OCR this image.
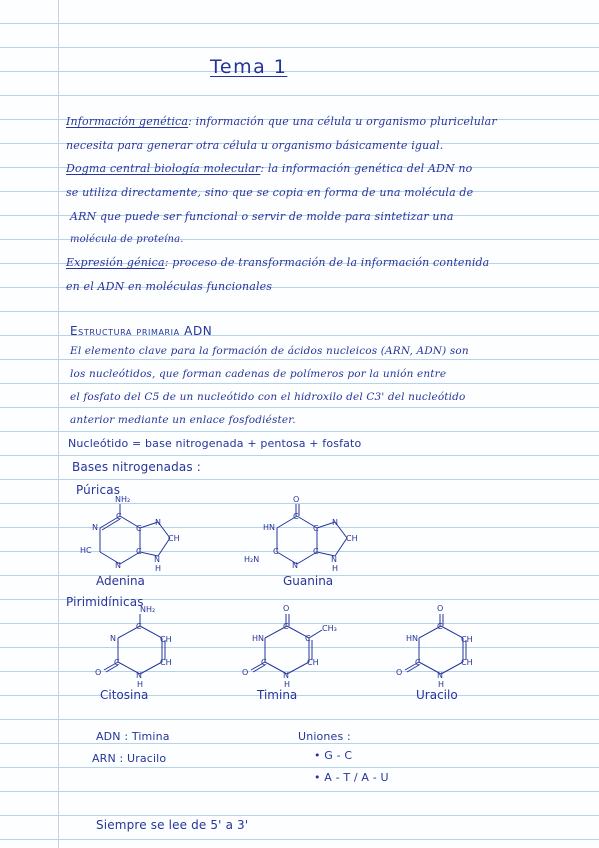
Tema 1
Información genética: información que una célula u organismo pluricelular
necesita para generar otra célula u organismo básicamente igual.
Dogma central biología molecular: la información genética del ADN no
se utiliza directamente, sino que se copia en forma de una molécula de
ARN que puede ser funcional o servir de molde para sintetizar una
molécula de proteína.
Expresión génica: proceso de transformación de la información contenida
en el ADN en moléculas funcionales
Estructura primaria ADN
El elemento clave para la formación de ácidos nucleicos (ARN, ADN) son
los nucleótidos, que forman cadenas de polímeros por la unión entre
el fosfato del C5 de un nucleótido con el hidroxilo del C3' del nucleótido
anterior mediante un enlace fosfodiéster.
Nucleótido = base nitrogenada + pentosa + fosfato
Bases nitrogenadas :
Púricas
Pirimidínicas
NH₂
C
N	C
N
CH
C
HC
N
N
H
O
C
HN	C
N
CH
C
C
H₂N
N
N
H
NH₂
C
N	CH
C	CH
O	N
H
O
C
HN	C
CH₃
C	CH
O	N
H
O
C
HN	CH
C	CH
O	N
H
Adenina	Guanina
Citosina	Timina	Uracilo
ADN : Timina
ARN : Uracilo
Uniones :
• G - C
• A - T / A - U
Siempre se lee de 5' a 3'
